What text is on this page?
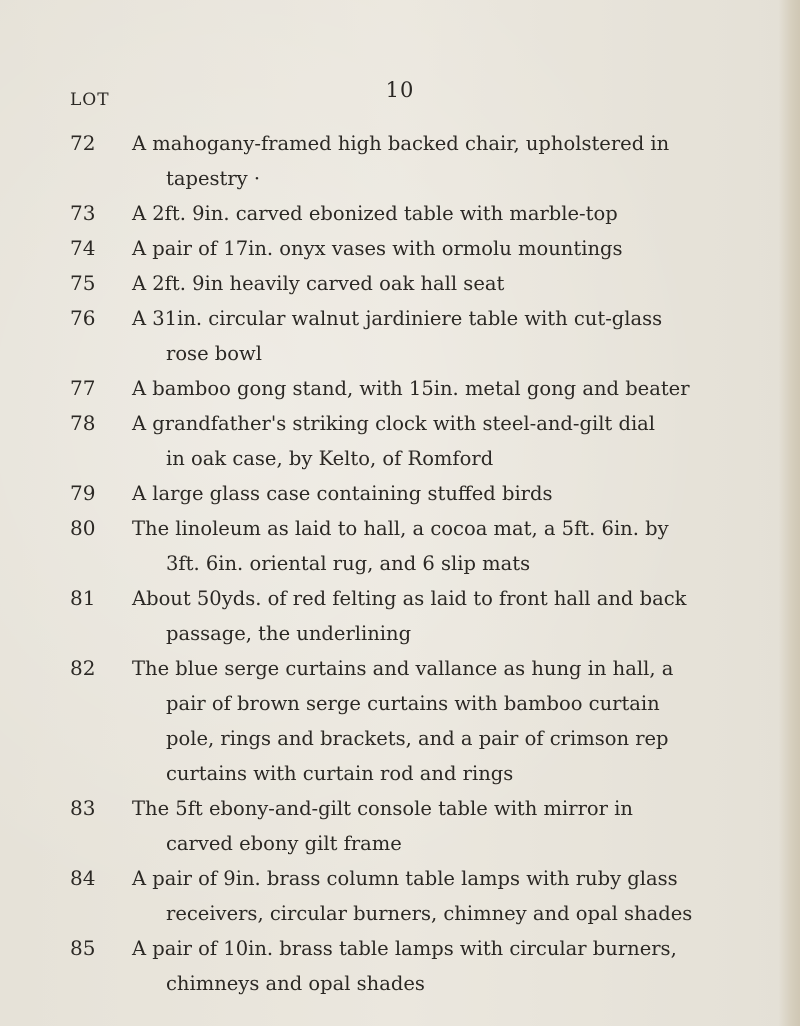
10
LOT
72	A mahogany-framed high backed chair, upholstered in
tapestry ·
73	A 2ft. 9in. carved ebonized table with marble-top
74	A pair of 17in. onyx vases with ormolu mountings
75	A 2ft. 9in heavily carved oak hall seat
76	A 31in. circular walnut jardiniere table with cut-glass
rose bowl
77	A bamboo gong stand, with 15in. metal gong and beater
78	A grandfather's striking clock with steel-and-gilt dial
in oak case, by Kelt​o, of Romford
79	A large glass case containing stuffed birds
80	The linoleum as laid to hall, a cocoa mat, a 5ft. 6in. by
3ft. 6in. oriental rug, and 6 slip mats
81	About 50yds. of red felting as laid to front hall and back
passage, the underlining
82	The blue serge curtains and vallance as hung in hall, a
pair of brown serge curtains with bamboo curtain
pole, rings and brackets, and a pair of crimson rep
curtains with curtain rod and rings
83	The 5ft ebony-and-gilt console table with mirror in
carved ebony gilt frame
84	A pair of 9in. brass column table lamps with ruby glass
receivers, circular burners, chimney and opal shades
85	A pair of 10in. brass table lamps with circular burners,
chimneys and opal shades
